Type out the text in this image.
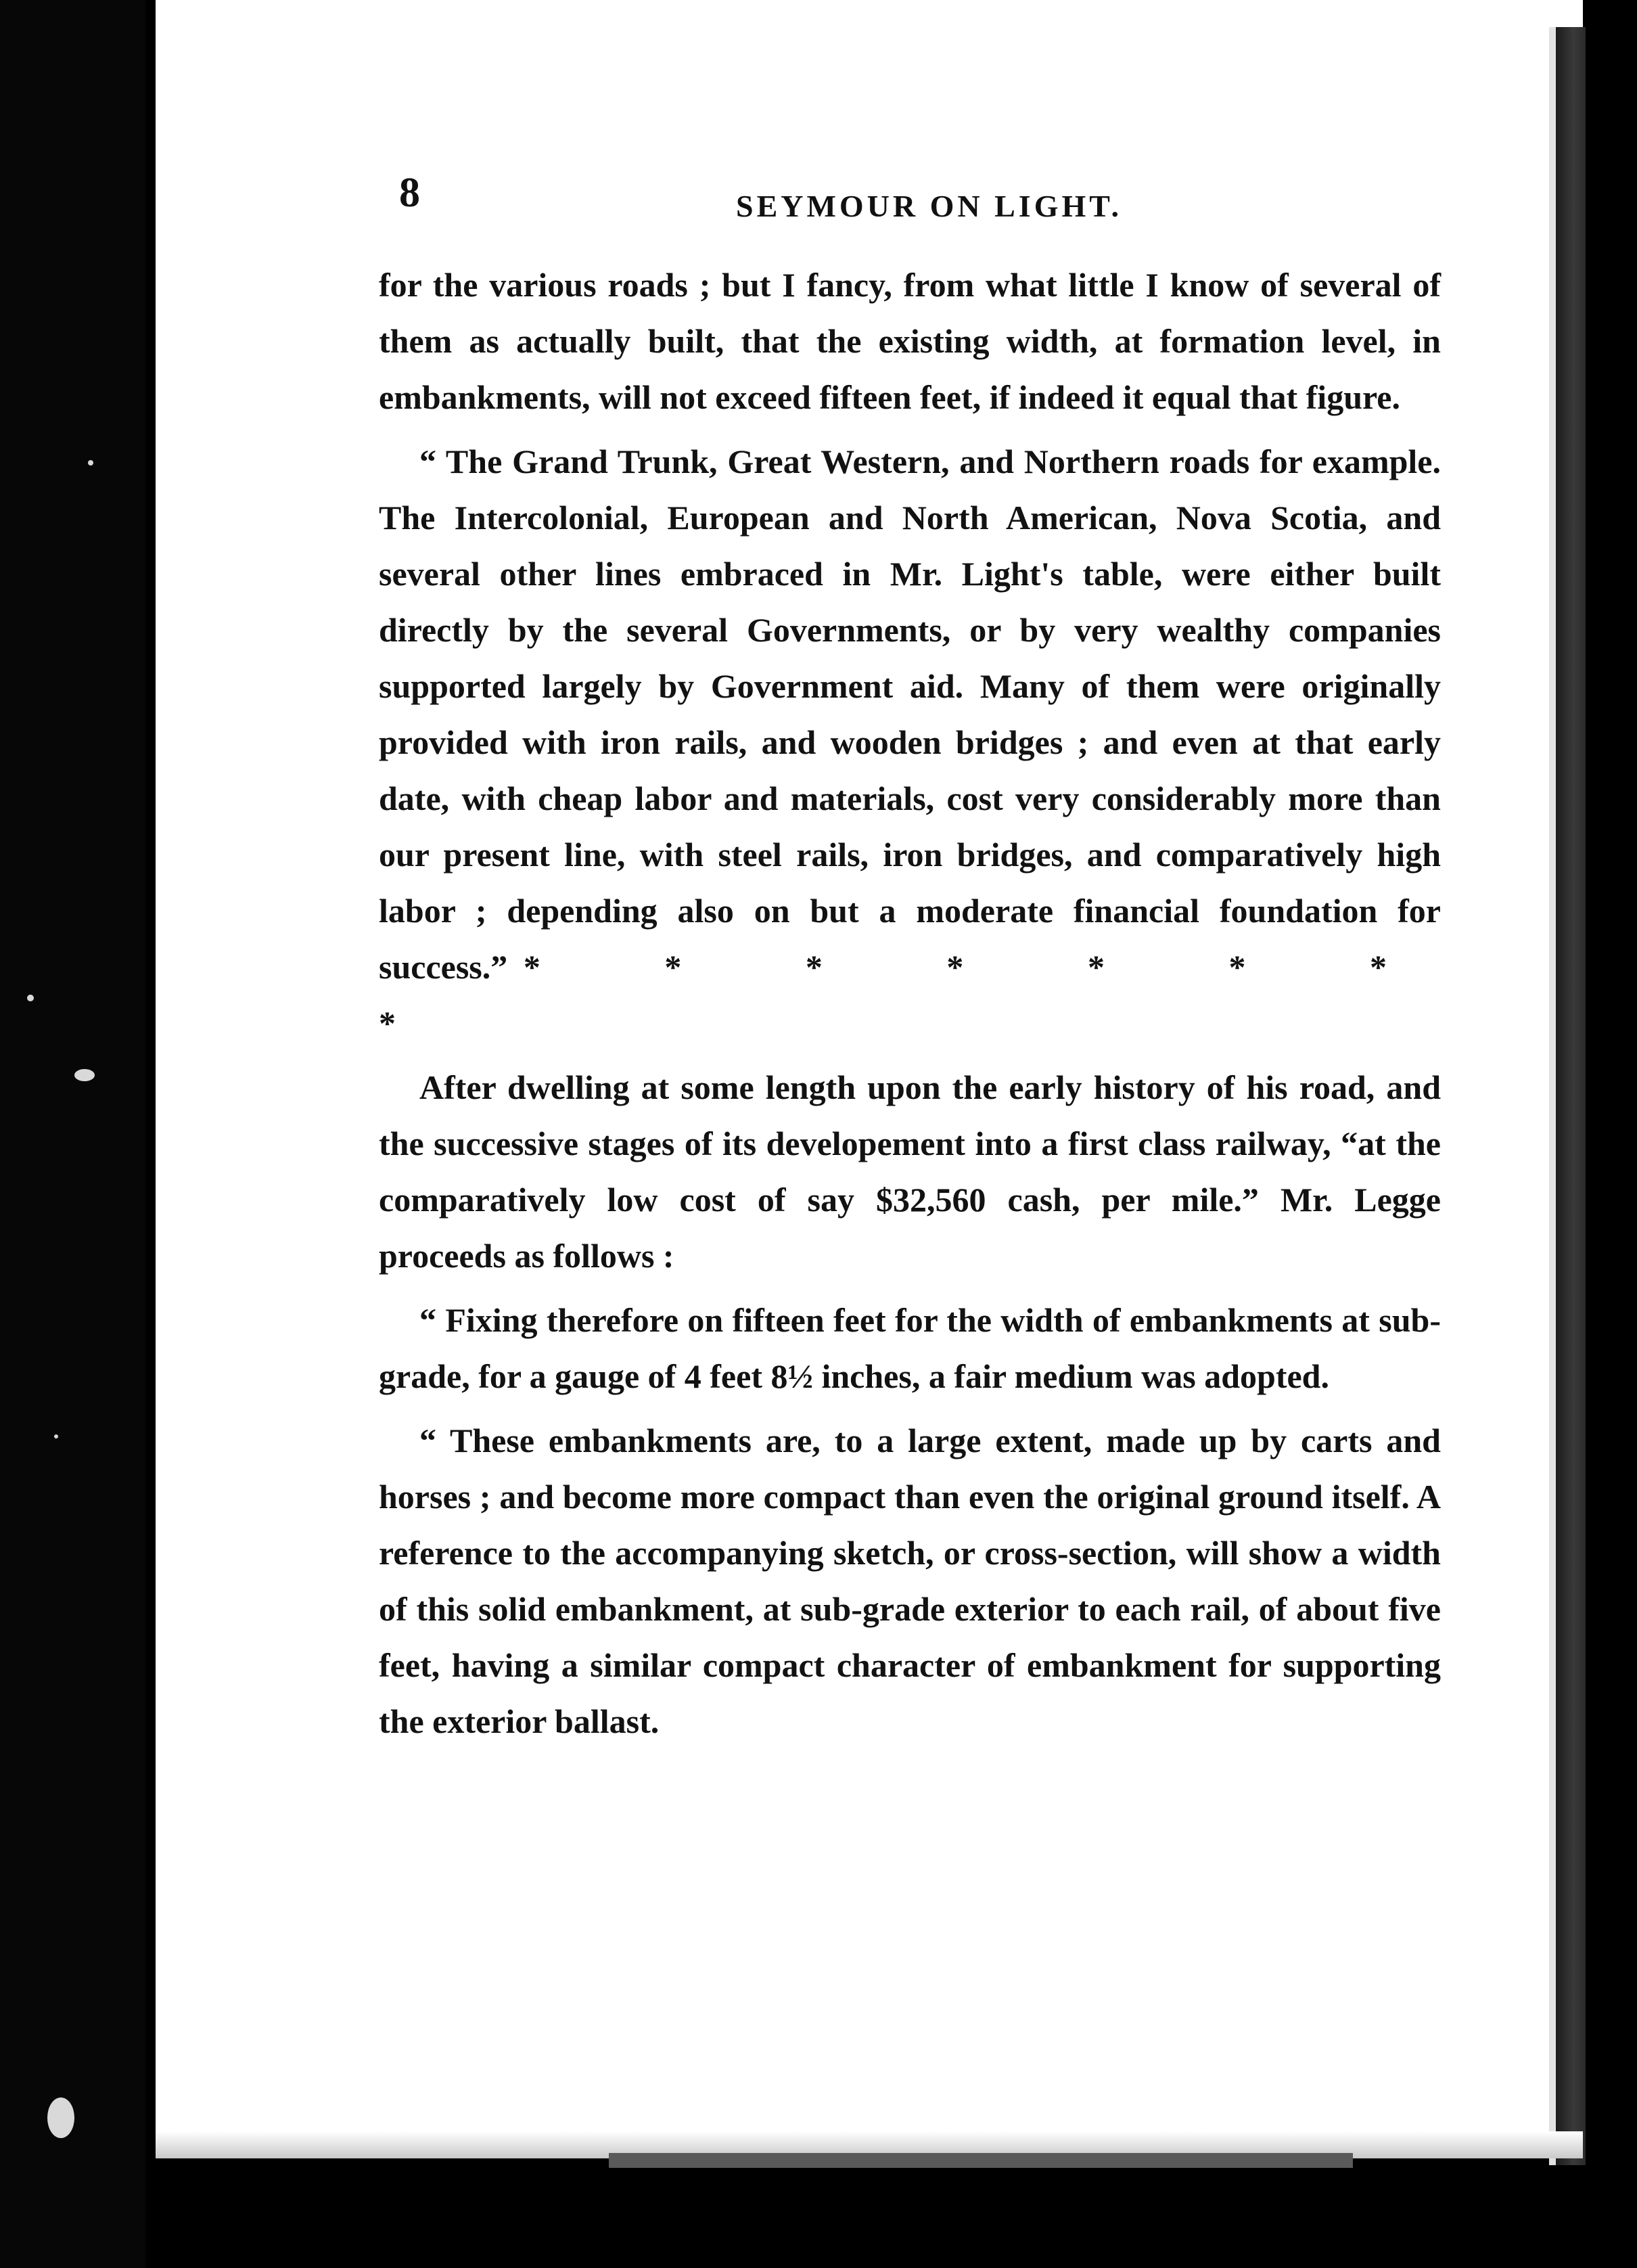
8	SEYMOUR ON LIGHT.

for the various roads ; but I fancy, from what little I know of several of them as actually built, that the existing width, at formation level, in embankments, will not exceed fifteen feet, if indeed it equal that figure.

“ The Grand Trunk, Great Western, and Northern roads for example. The Intercolonial, European and North American, Nova Scotia, and several other lines embraced in Mr. Light's table, were either built directly by the several Governments, or by very wealthy companies supported largely by Government aid. Many of them were originally provided with iron rails, and wooden bridges ; and even at that early date, with cheap labor and materials, cost very considerably more than our present line, with steel rails, iron bridges, and comparatively high labor ; depending also on but a moderate financial foundation for success.” * * * * * * * *

After dwelling at some length upon the early history of his road, and the successive stages of its developement into a first class railway, “at the comparatively low cost of say $32,560 cash, per mile.” Mr. Legge proceeds as follows :

“ Fixing therefore on fifteen feet for the width of embankments at sub-grade, for a gauge of 4 feet 8½ inches, a fair medium was adopted.

“ These embankments are, to a large extent, made up by carts and horses ; and become more compact than even the original ground itself. A reference to the accompanying sketch, or cross-section, will show a width of this solid embankment, at sub-grade exterior to each rail, of about five feet, having a similar compact character of embankment for supporting the exterior ballast.
